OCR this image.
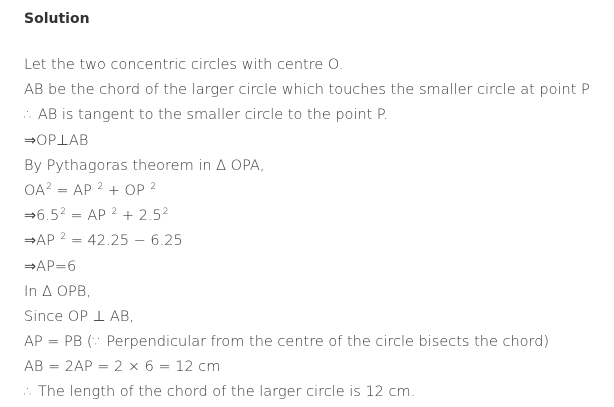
Solution
Let the two concentric circles with centre O.
AB be the chord of the larger circle which touches the smaller circle at point P
∴ AB is tangent to the smaller circle to the point P.
⇒OP⊥AB
By Pythagoras theorem in Δ OPA,
$OA^2$ = AP $^2$ + OP $^2$
$\Rightarrow 6.5^2$ = AP $^2 + 2.5^2$
⇒AP $^2$ = 42.25 − 6.25
⇒AP=6
In Δ OPB,
Since OP ⊥ AB,
AP = PB (∵ Perpendicular from the centre of the circle bisects the chord)
AB = 2AP = 2 × 6 = 12 cm
∴ The length of the chord of the larger circle is 12 cm.
